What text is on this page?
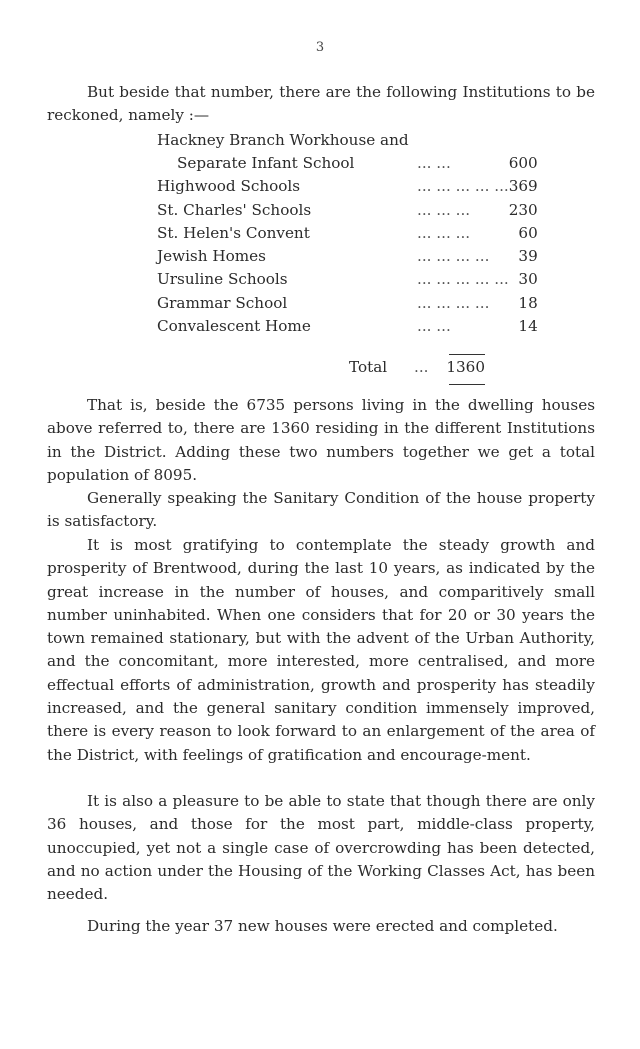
3

But beside that number, there are the following Institutions to be reckoned, namely :—

Hackney Branch Workhouse and		
Separate Infant School	... ...	600
Highwood Schools	... ... ... ... ...	369
St. Charles' Schools	... ... ...	230
St. Helen's Convent	... ... ...	60
Jewish Homes	... ... ... ...	39
Ursuline Schools	... ... ... ... ...	30
Grammar School	... ... ... ...	18
Convalescent Home	... ...	14
Total ... 1360

That is, beside the 6735 persons living in the dwelling houses above referred to, there are 1360 residing in the different Institutions in the District. Adding these two numbers together we get a total population of 8095.

Generally speaking the Sanitary Condition of the house property is satisfactory.

It is most gratifying to contemplate the steady growth and prosperity of Brentwood, during the last 10 years, as indicated by the great increase in the number of houses, and comparitively small number uninhabited. When one considers that for 20 or 30 years the town remained stationary, but with the advent of the Urban Authority, and the concomitant, more interested, more centralised, and more effectual efforts of administration, growth and prosperity has steadily increased, and the general sanitary condition immensely improved, there is every reason to look forward to an enlargement of the area of the District, with feelings of gratification and encourage-ment.

It is also a pleasure to be able to state that though there are only 36 houses, and those for the most part, middle-class property, unoccupied, yet not a single case of overcrowding has been detected, and no action under the Housing of the Working Classes Act, has been needed.

During the year 37 new houses were erected and completed.
